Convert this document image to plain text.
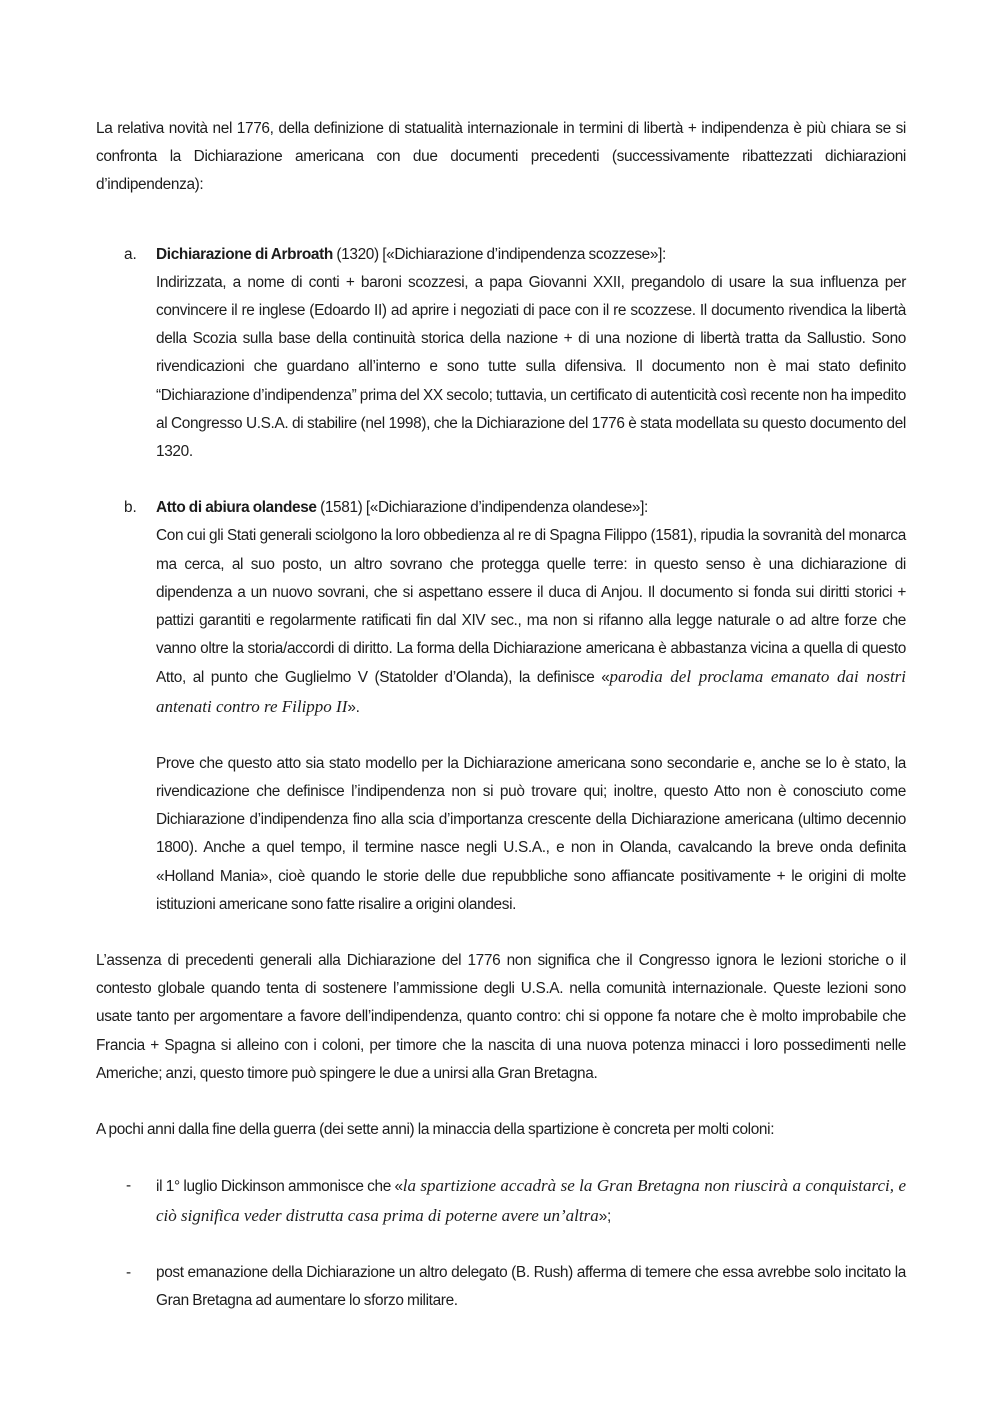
La relativa novità nel 1776, della definizione di statualità internazionale in termini di libertà + indipendenza è più chiara se si confronta la Dichiarazione americana con due documenti precedenti (successivamente ribattezzati dichiarazioni d’indipendenza):

a. Dichiarazione di Arbroath (1320) [«Dichiarazione d’indipendenza scozzese»]:

Indirizzata, a nome di conti + baroni scozzesi, a papa Giovanni XXII, pregandolo di usare la sua influenza per convincere il re inglese (Edoardo II) ad aprire i negoziati di pace con il re scozzese. Il documento rivendica la libertà della Scozia sulla base della continuità storica della nazione + di una nozione di libertà tratta da Sallustio. Sono rivendicazioni che guardano all’interno e sono tutte sulla difensiva. Il documento non è mai stato definito “Dichiarazione d’indipendenza” prima del XX secolo; tuttavia, un certificato di autenticità così recente non ha impedito al Congresso U.S.A. di stabilire (nel 1998), che la Dichiarazione del 1776 è stata modellata su questo documento del 1320.

b. Atto di abiura olandese (1581) [«Dichiarazione d’indipendenza olandese»]:

Con cui gli Stati generali sciolgono la loro obbedienza al re di Spagna Filippo (1581), ripudia la sovranità del monarca ma cerca, al suo posto, un altro sovrano che protegga quelle terre: in questo senso è una dichiarazione di dipendenza a un nuovo sovrani, che si aspettano essere il duca di Anjou. Il documento si fonda sui diritti storici + pattizi garantiti e regolarmente ratificati fin dal XIV sec., ma non si rifanno alla legge naturale o ad altre forze che vanno oltre la storia/accordi di diritto. La forma della Dichiarazione americana è abbastanza vicina a quella di questo Atto, al punto che Guglielmo V (Statolder d’Olanda), la definisce «parodia del proclama emanato dai nostri antenati contro re Filippo II».

Prove che questo atto sia stato modello per la Dichiarazione americana sono secondarie e, anche se lo è stato, la rivendicazione che definisce l’indipendenza non si può trovare qui; inoltre, questo Atto non è conosciuto come Dichiarazione d’indipendenza fino alla scia d’importanza crescente della Dichiarazione americana (ultimo decennio 1800). Anche a quel tempo, il termine nasce negli U.S.A., e non in Olanda, cavalcando la breve onda definita «Holland Mania», cioè quando le storie delle due repubbliche sono affiancate positivamente + le origini di molte istituzioni americane sono fatte risalire a origini olandesi.

L’assenza di precedenti generali alla Dichiarazione del 1776 non significa che il Congresso ignora le lezioni storiche o il contesto globale quando tenta di sostenere l’ammissione degli U.S.A. nella comunità internazionale. Queste lezioni sono usate tanto per argomentare a favore dell’indipendenza, quanto contro: chi si oppone fa notare che è molto improbabile che Francia + Spagna si alleino con i coloni, per timore che la nascita di una nuova potenza minacci i loro possedimenti nelle Americhe; anzi, questo timore può spingere le due a unirsi alla Gran Bretagna.

A pochi anni dalla fine della guerra (dei sette anni) la minaccia della spartizione è concreta per molti coloni:

- il 1° luglio Dickinson ammonisce che «la spartizione accadrà se la Gran Bretagna non riuscirà a conquistarci, e ciò significa veder distrutta casa prima di poterne avere un’altra»;

- post emanazione della Dichiarazione un altro delegato (B. Rush) afferma di temere che essa avrebbe solo incitato la Gran Bretagna ad aumentare lo sforzo militare.
